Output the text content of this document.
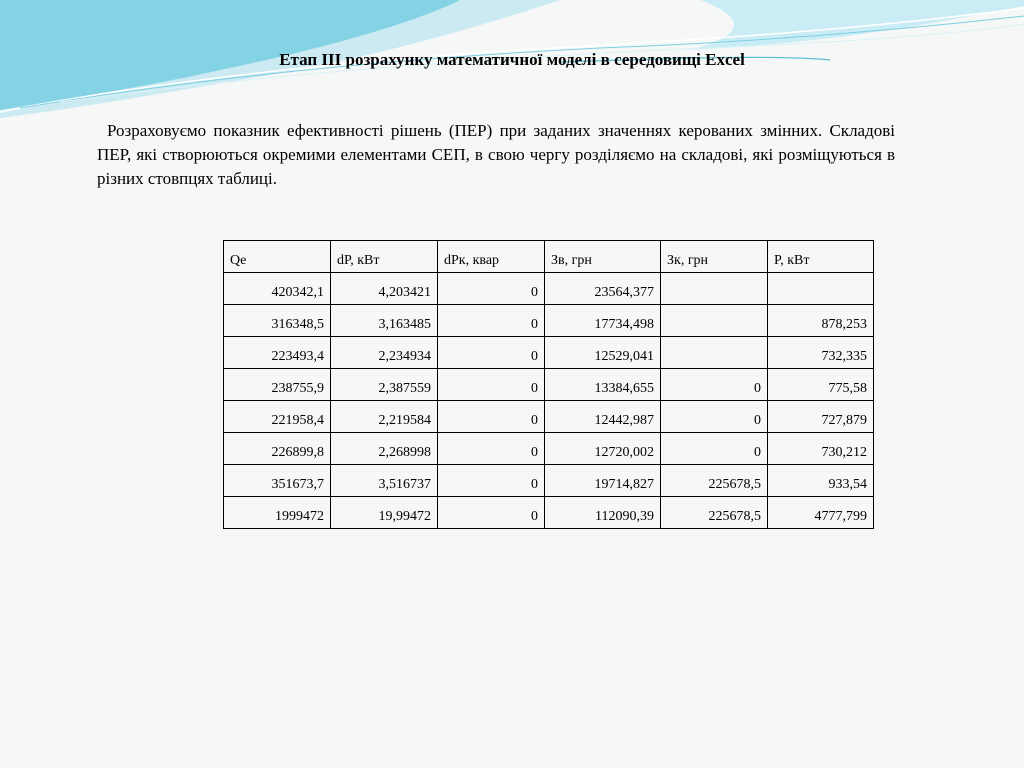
Етап ІІІ розрахунку математичної моделі в середовищі Excel
Розраховуємо показник ефективності рішень (ПЕР) при заданих значеннях керованих змінних. Складові ПЕР, які створюються окремими елементами СЕП, в свою чергу розділяємо на складові, які розміщуються в різних стовпцях таблиці.
Qe	dP, кВт	dPк, квар	Зв, грн	Зк, грн	P, кВт
420342,1	4,203421	0	23564,377		
316348,5	3,163485	0	17734,498		878,253
223493,4	2,234934	0	12529,041		732,335
238755,9	2,387559	0	13384,655	0	775,58
221958,4	2,219584	0	12442,987	0	727,879
226899,8	2,268998	0	12720,002	0	730,212
351673,7	3,516737	0	19714,827	225678,5	933,54
1999472	19,99472	0	112090,39	225678,5	4777,799
